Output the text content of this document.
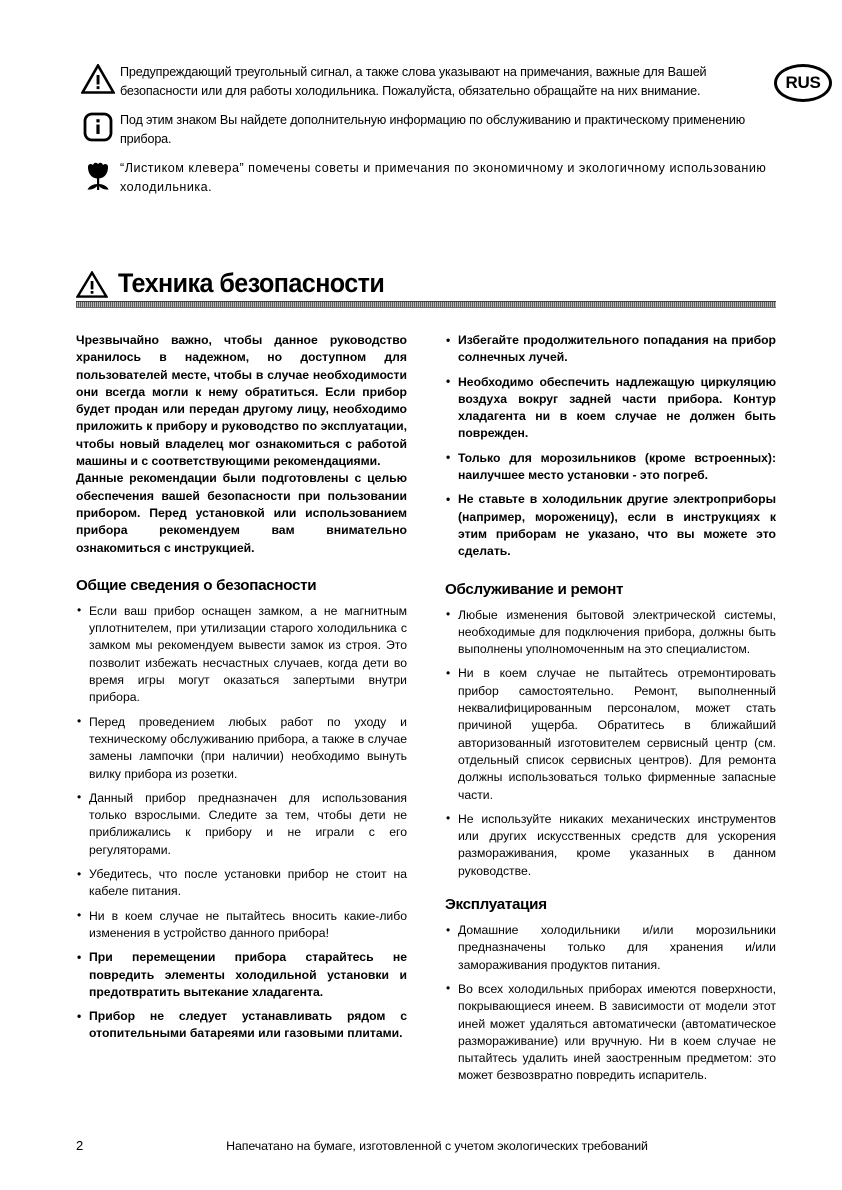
Предупреждающий треугольный сигнал, а также слова указывают на примечания, важные для Вашей безопасности или для работы холодильника. Пожалуйста, обязательно обращайте на них внимание.
Под этим знаком Вы найдете дополнительную информацию по обслуживанию и практическому применению прибора.
“Листиком клевера” помечены советы и примечания по экономичному и экологичному использованию холодильника.
RUS
Техника безопасности

Чрезвычайно важно, чтобы данное руководство хранилось в надежном, но доступном для пользователей месте, чтобы в случае необходимости они всегда могли к нему обратиться. Если прибор будет продан или передан другому лицу, необходимо приложить к прибору и руководство по эксплуатации, чтобы новый владелец мог ознакомиться с работой машины и с соответствующими рекомендациями.

Данные рекомендации были подготовлены с целью обеспечения вашей безопасности при пользовании прибором. Перед установкой или использованием прибора рекомендуем вам внимательно ознакомиться с инструкцией.

Общие сведения о безопасности
• Если ваш прибор оснащен замком, а не магнитным уплотнителем, при утилизации старого холодильника с замком мы рекомендуем вывести замок из строя. Это позволит избежать несчастных случаев, когда дети во время игры могут оказаться запертыми внутри прибора.
• Перед проведением любых работ по уходу и техническому обслуживанию прибора, а также в случае замены лампочки (при наличии) необходимо вынуть вилку прибора из розетки.
• Данный прибор предназначен для использования только взрослыми. Следите за тем, чтобы дети не приближались к прибору и не играли с его регуляторами.
• Убедитесь, что после установки прибор не стоит на кабеле питания.
• Ни в коем случае не пытайтесь вносить какие-либо изменения в устройство данного прибора!
• При перемещении прибора старайтесь не повредить элементы холодильной установки и предотвратить вытекание хладагента.
• Прибор не следует устанавливать рядом с отопительными батареями или газовыми плитами.
• Избегайте продолжительного попадания на прибор солнечных лучей.
• Необходимо обеспечить надлежащую циркуляцию воздуха вокруг задней части прибора. Контур хладагента ни в коем случае не должен быть поврежден.
• Только для морозильников (кроме встроенных): наилучшее место установки - это погреб.
• Не ставьте в холодильник другие электроприборы (например, мороженицу), если в инструкциях к этим приборам не указано, что вы можете это сделать.
Обслуживание и ремонт
• Любые изменения бытовой электрической системы, необходимые для подключения прибора, должны быть выполнены уполномоченным на это специалистом.
• Ни в коем случае не пытайтесь отремонтировать прибор самостоятельно. Ремонт, выполненный неквалифицированным персоналом, может стать причиной ущерба. Обратитесь в ближайший авторизованный изготовителем сервисный центр (см. отдельный список сервисных центров). Для ремонта должны использоваться только фирменные запасные части.
• Не используйте никаких механических инструментов или других искусственных средств для ускорения размораживания, кроме указанных в данном руководстве.
Эксплуатация
• Домашние холодильники и/или морозильники предназначены только для хранения и/или замораживания продуктов питания.
• Во всех холодильных приборах имеются поверхности, покрывающиеся инеем. В зависимости от модели этот иней может удаляться автоматически (автоматическое размораживание) или вручную. Ни в коем случае не пытайтесь удалить иней заостренным предметом: это может безвозвратно повредить испаритель.
2	Напечатано на бумаге, изготовленной с учетом экологических требований
